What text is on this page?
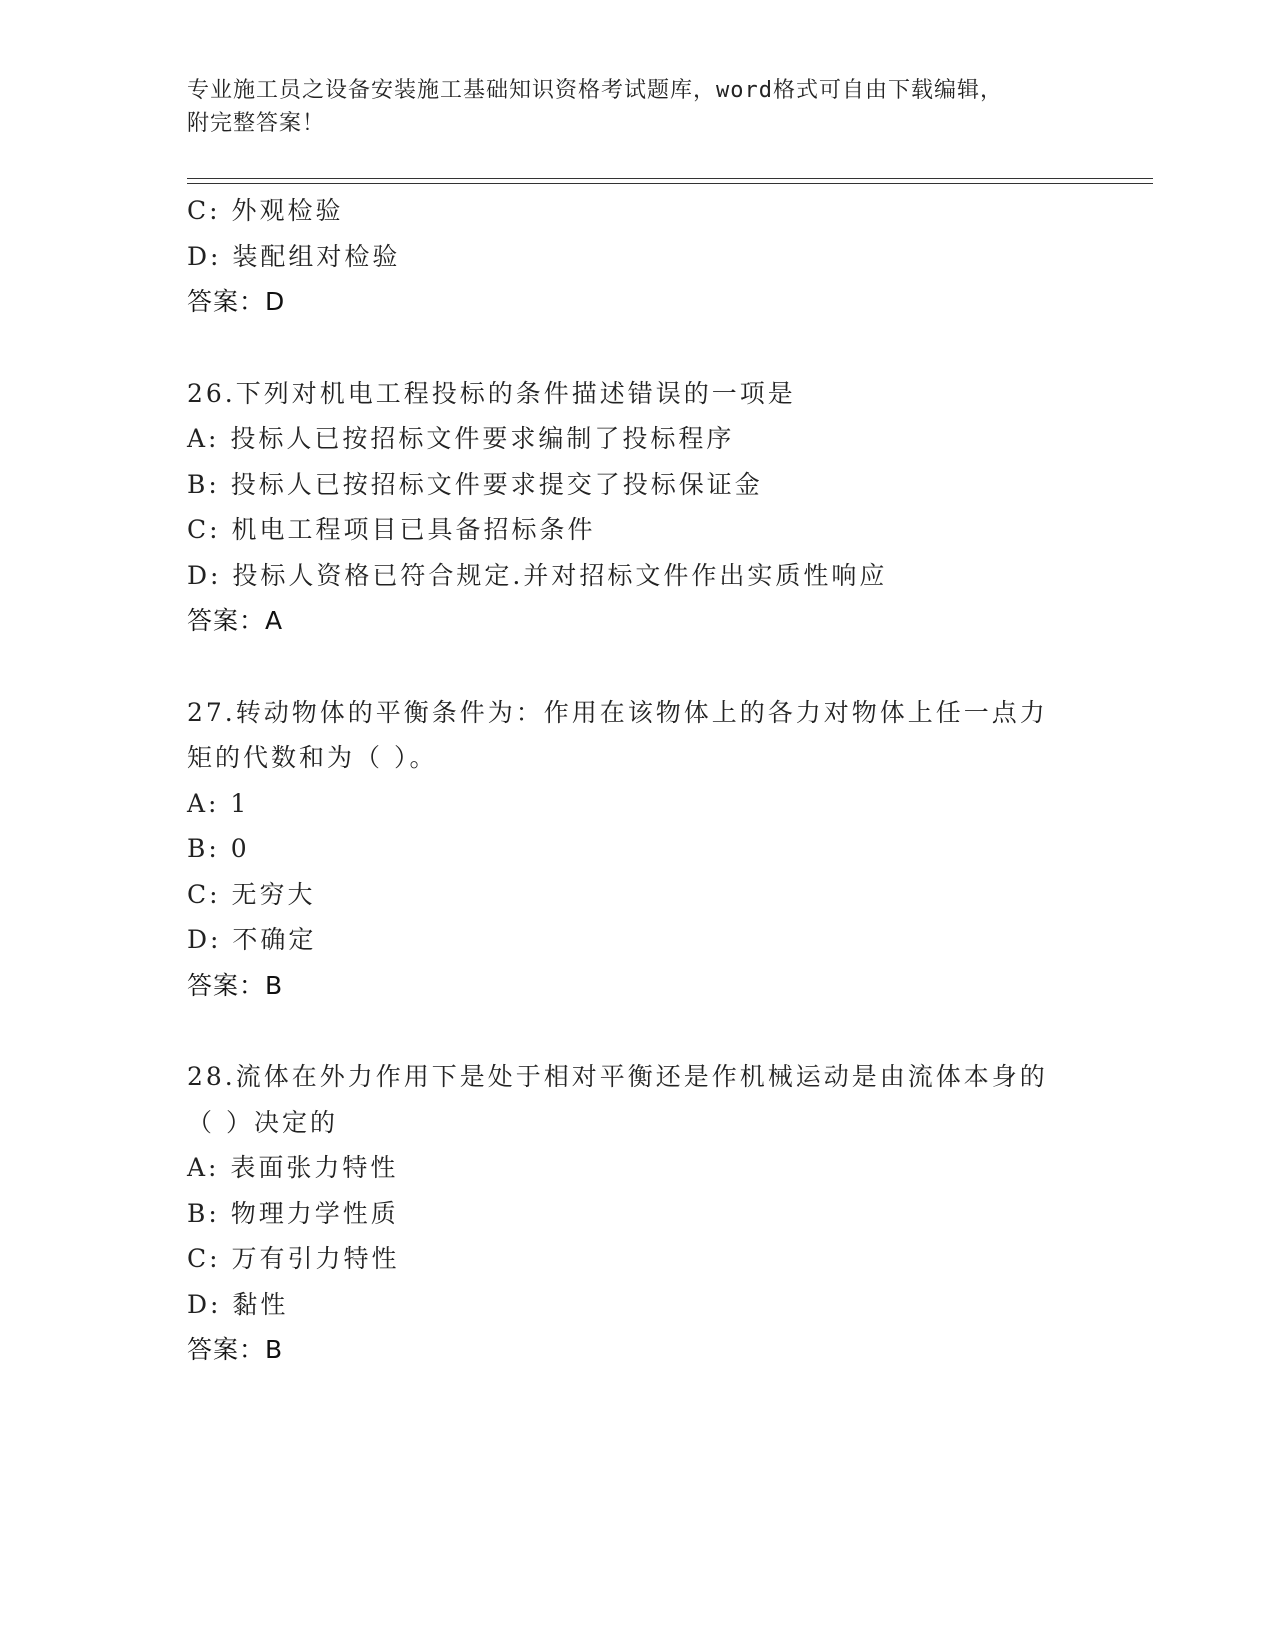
专业施工员之设备安装施工基础知识资格考试题库，word格式可自由下载编辑，
附完整答案！
C: 外观检验
D: 装配组对检验
答案：D
26.下列对机电工程投标的条件描述错误的一项是
A: 投标人已按招标文件要求编制了投标程序
B: 投标人已按招标文件要求提交了投标保证金
C: 机电工程项目已具备招标条件
D: 投标人资格已符合规定.并对招标文件作出实质性响应
答案：A
27.转动物体的平衡条件为：作用在该物体上的各力对物体上任一点力
矩的代数和为（ ）。
A: 1
B: 0
C: 无穷大
D: 不确定
答案：B
28.流体在外力作用下是处于相对平衡还是作机械运动是由流体本身的
（ ）决定的
A: 表面张力特性
B: 物理力学性质
C: 万有引力特性
D: 黏性
答案：B
